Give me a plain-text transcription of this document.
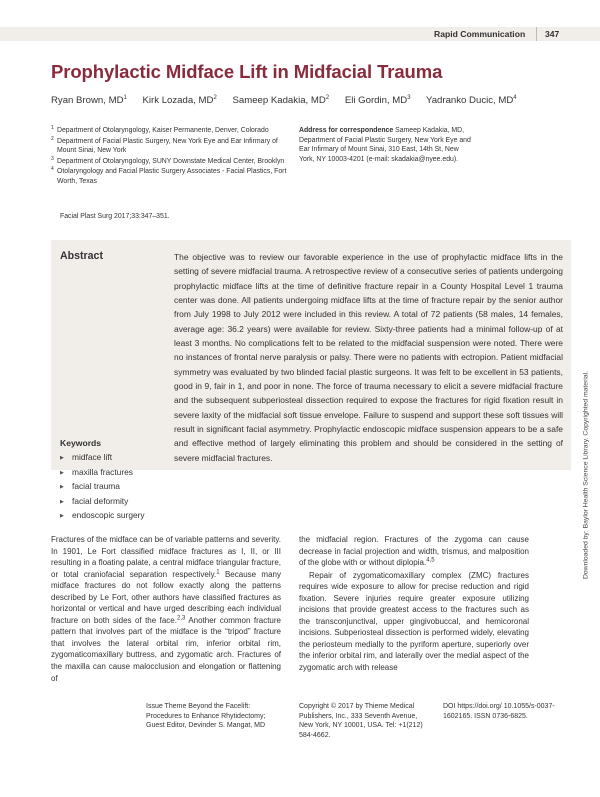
Rapid Communication 347
Prophylactic Midface Lift in Midfacial Trauma
Ryan Brown, $MD^1$ Kirk Lozada, $MD^2$ Sameep Kadakia, $MD^2$ Eli Gordin, $MD^3$ Yadranko Ducic, $MD^4$
1 Department of Otolaryngology, Kaiser Permanente, Denver, Colorado
2 Department of Facial Plastic Surgery, New York Eye and Ear Infirmary of Mount Sinai, New York
3 Department of Otolaryngology, SUNY Downstate Medical Center, Brooklyn
4 Otolaryngology and Facial Plastic Surgery Associates - Facial Plastics, Fort Worth, Texas
Address for correspondence Sameep Kadakia, MD, Department of Facial Plastic Surgery, New York Eye and Ear Infirmary of Mount Sinai, 310 East, 14th St, New York, NY 10003-4201 (e-mail: skadakia@nyee.edu).
Facial Plast Surg 2017;33:347–351.
Abstract	The objective was to review our favorable experience in the use of prophylactic midface lifts in the setting of severe midfacial trauma. A retrospective review of a consecutive series of patients undergoing prophylactic midface lifts at the time of definitive fracture repair in a County Hospital Level 1 trauma center was done. All patients undergoing midface lifts at the time of fracture repair by the senior author from July 1998 to July 2012 were included in this review. A total of 72 patients (58 males, 14 females, average age: 36.2 years) were available for review. Sixty-three patients had a minimal follow-up of at least 3 months. No complications felt to be related to the midfacial suspension were noted. There were no instances of frontal nerve paralysis or palsy. There were no patients with ectropion. Patient midfacial symmetry was evaluated by two blinded facial plastic surgeons. It was felt to be excellent in 53 patients, good in 9, fair in 1, and poor in none. The force of trauma necessary to elicit a severe midfacial fracture and the subsequent subperiosteal dissection required to expose the fractures for rigid fixation result in severe laxity of the midfacial soft tissue envelope. Failure to suspend and support these soft tissues will result in significant facial asymmetry. Prophylactic endoscopic midface suspension appears to be a safe and effective method of largely eliminating this problem and should be considered in the setting of severe midfacial fractures.

Keywords
▶ midface lift
▶ maxilla fractures
▶ facial trauma
▶ facial deformity
▶ endoscopic surgery

Fractures of the midface can be of variable patterns and severity. In 1901, Le Fort classified midface fractures as I, II, or III resulting in a floating palate, a central midface triangular fracture, or total craniofacial separation respectively.$^1$ Because many midface fractures do not follow exactly along the patterns described by Le Fort, other authors have classified fractures as horizontal or vertical and have urged describing each individual fracture on both sides of the face.$^{2,3}$ Another common fracture pattern that involves part of the midface is the “tripod” fracture that involves the lateral orbital rim, inferior orbital rim, zygomaticomaxillary buttress, and zygomatic arch. Fractures of the maxilla can cause malocclusion and elongation or flattening of

the midfacial region. Fractures of the zygoma can cause decrease in facial projection and width, trismus, and malposition of the globe with or without diplopia.$^{4,5}$

Repair of zygomaticomaxillary complex (ZMC) fractures requires wide exposure to allow for precise reduction and rigid fixation. Severe injuries require greater exposure utilizing incisions that provide greatest access to the fractures such as the transconjunctival, upper gingivobuccal, and hemicoronal incisions. Subperiosteal dissection is performed widely, elevating the periosteum medially to the pyriform aperture, superiorly over the inferior orbital rim, and laterally over the medial aspect of the zygomatic arch with release

Issue Theme Beyond the Facelift: Procedures to Enhance Rhytidectomy; Guest Editor, Devinder S. Mangat, MD
Copyright © 2017 by Thieme Medical Publishers, Inc., 333 Seventh Avenue, New York, NY 10001, USA. Tel: +1(212) 584-4662.
DOI https://doi.org/ 10.1055/s-0037-1602165. ISSN 0736-6825.
Downloaded by: Baylor Health Science Library. Copyrighted material.
